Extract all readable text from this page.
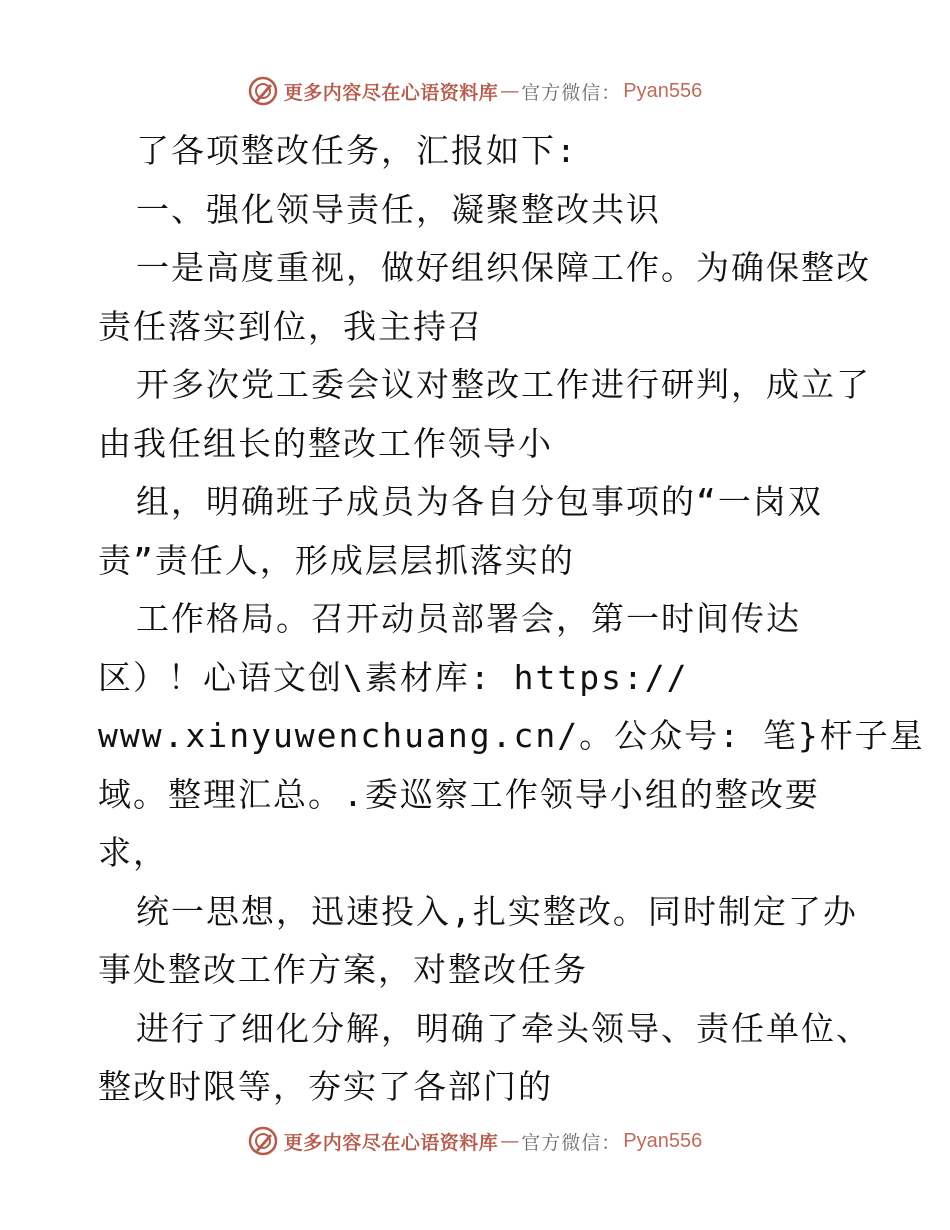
更多内容尽在心语资料库 — 官方微信： Pyan556
了各项整改任务，汇报如下:
一、强化领导责任，凝聚整改共识
一是高度重视，做好组织保障工作。为确保整改
责任落实到位，我主持召
开多次党工委会议对整改工作进行研判，成立了
由我任组长的整改工作领导小
组，明确班子成员为各自分包事项的“一岗双
责”责任人，形成层层抓落实的
工作格局。召开动员部署会，第一时间传达
区）！心语文创\素材库: https://
www.xinyuwenchuang.cn/。公众号: 笔}杆子星
域。整理汇总。.委巡察工作领导小组的整改要
求，
统一思想，迅速投入,扎实整改。同时制定了办
事处整改工作方案，对整改任务
进行了细化分解，明确了牵头领导、责任单位、
整改时限等，夯实了各部门的
更多内容尽在心语资料库 — 官方微信： Pyan556
